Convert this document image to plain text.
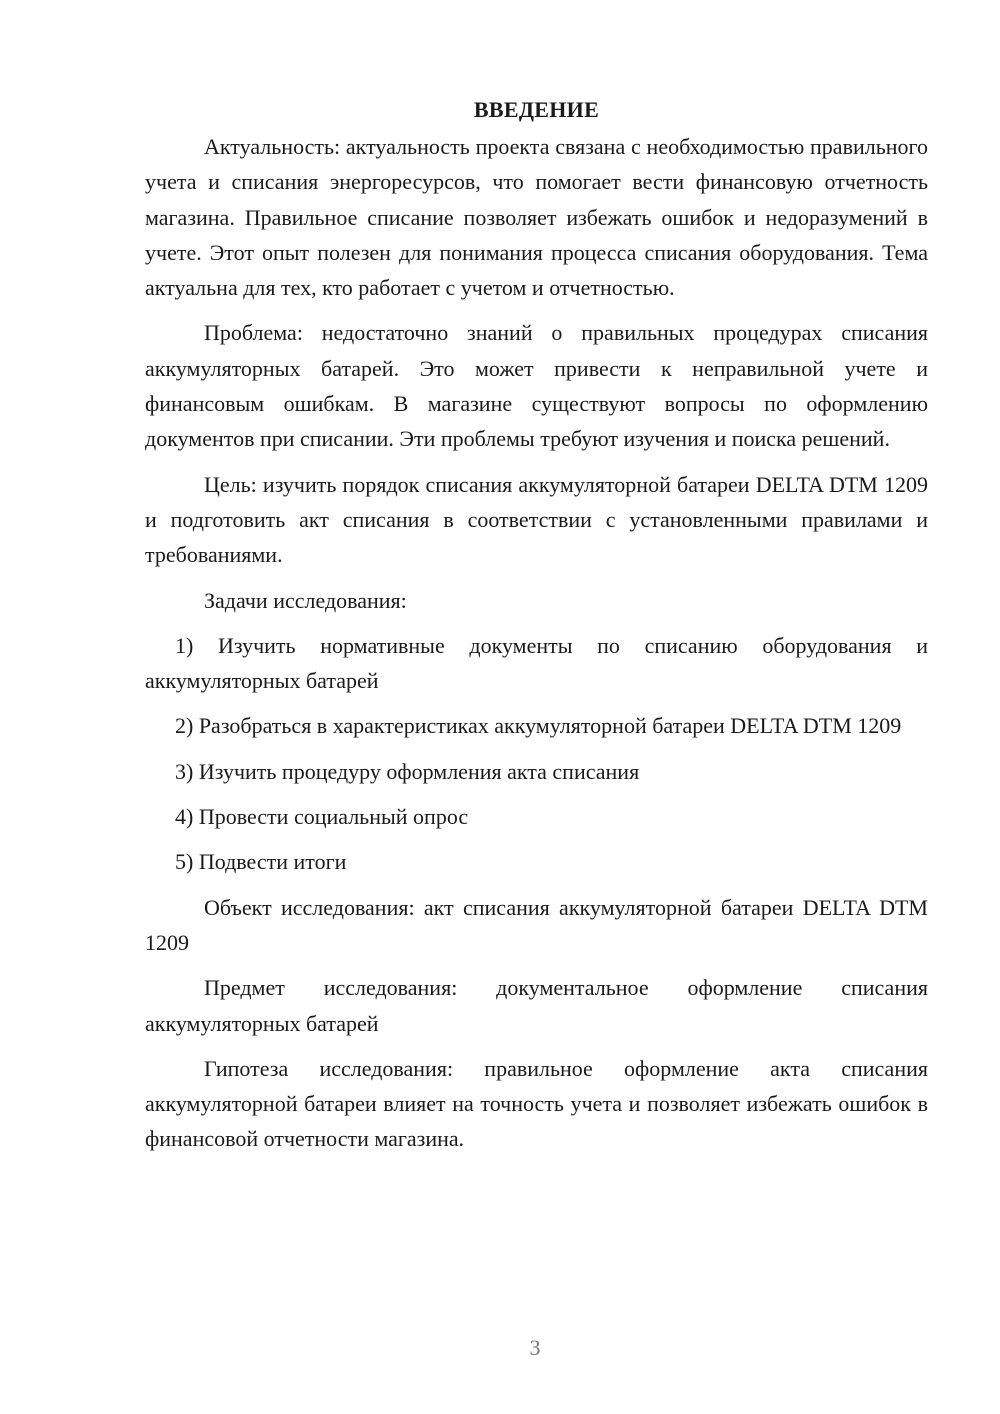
ВВЕДЕНИЕ

Актуальность: актуальность проекта связана с необходимостью правильного учета и списания энергоресурсов, что помогает вести финансовую отчетность магазина. Правильное списание позволяет избежать ошибок и недоразумений в учете. Этот опыт полезен для понимания процесса списания оборудования. Тема актуальна для тех, кто работает с учетом и отчетностью.

Проблема: недостаточно знаний о правильных процедурах списания аккумуляторных батарей. Это может привести к неправильной учете и финансовым ошибкам. В магазине существуют вопросы по оформлению документов при списании. Эти проблемы требуют изучения и поиска решений.

Цель: изучить порядок списания аккумуляторной батареи DELTA DTM 1209 и подготовить акт списания в соответствии с установленными правилами и требованиями.

Задачи исследования:

1) Изучить нормативные документы по списанию оборудования и аккумуляторных батарей

2) Разобраться в характеристиках аккумуляторной батареи DELTA DTM 1209

3) Изучить процедуру оформления акта списания

4) Провести социальный опрос

5) Подвести итоги

Объект исследования: акт списания аккумуляторной батареи DELTA DTM 1209

Предмет исследования: документальное оформление списания аккумуляторных батарей

Гипотеза исследования: правильное оформление акта списания аккумуляторной батареи влияет на точность учета и позволяет избежать ошибок в финансовой отчетности магазина.

3
